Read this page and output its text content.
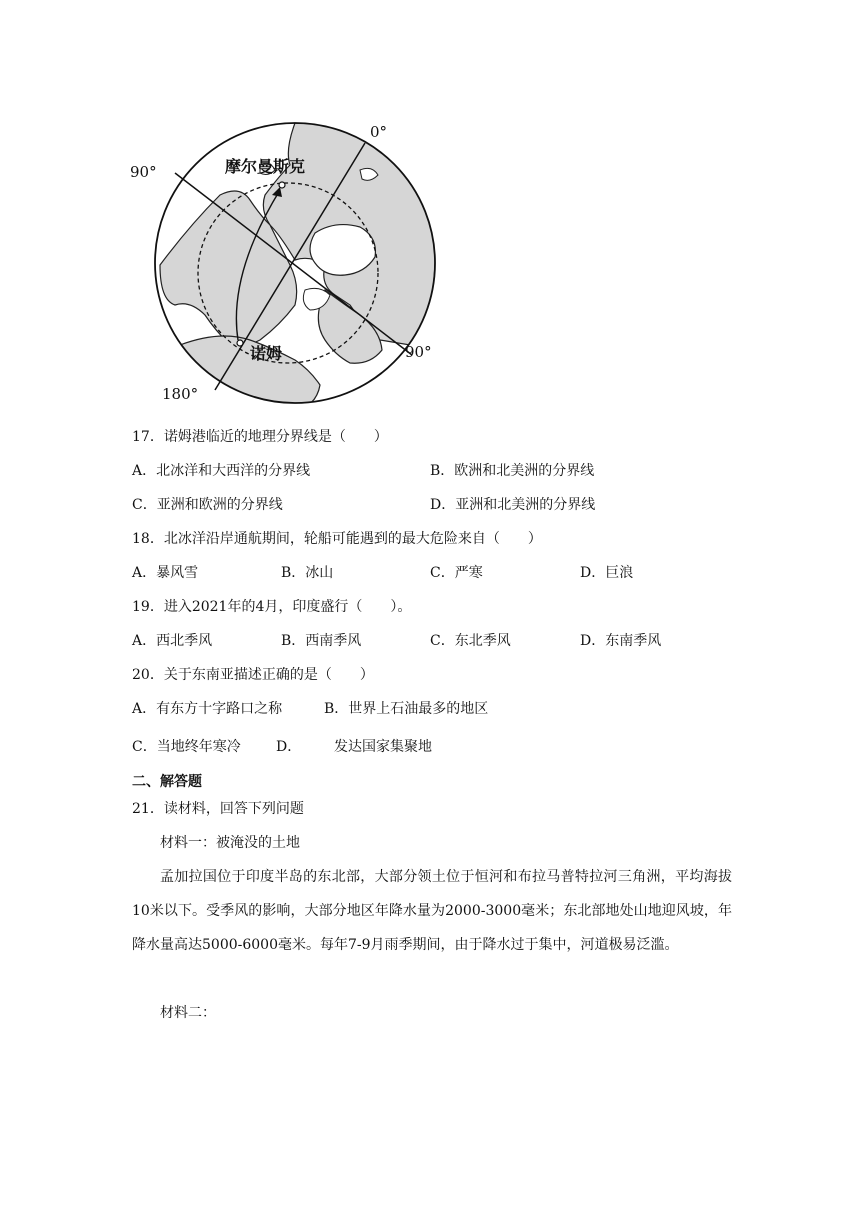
0°
90°
90°
180°
摩尔曼斯克
诺姆
17．诺姆港临近的地理分界线是（　　）
A．北冰洋和大西洋的分界线	B．欧洲和北美洲的分界线
C．亚洲和欧洲的分界线	D．亚洲和北美洲的分界线
18．北冰洋沿岸通航期间，轮船可能遇到的最大危险来自（　　）
A．暴风雪	B．冰山	C．严寒	D．巨浪
19．进入2021年的4月，印度盛行（　　）。
A．西北季风	B．西南季风	C．东北季风	D．东南季风
20．关于东南亚描述正确的是（　　）
A．有东方十字路口之称	B．世界上石油最多的地区
C．当地终年寒冷	D． 发达国家集聚地
二、解答题
21．读材料，回答下列问题
材料一：被淹没的土地
孟加拉国位于印度半岛的东北部，大部分领土位于恒河和布拉马普特拉河三角洲，平均海拔10米以下。受季风的影响，大部分地区年降水量为2000-3000毫米；东北部地处山地迎风坡，年降水量高达5000-6000毫米。每年7-9月雨季期间，由于降水过于集中，河道极易泛滥。
材料二：
